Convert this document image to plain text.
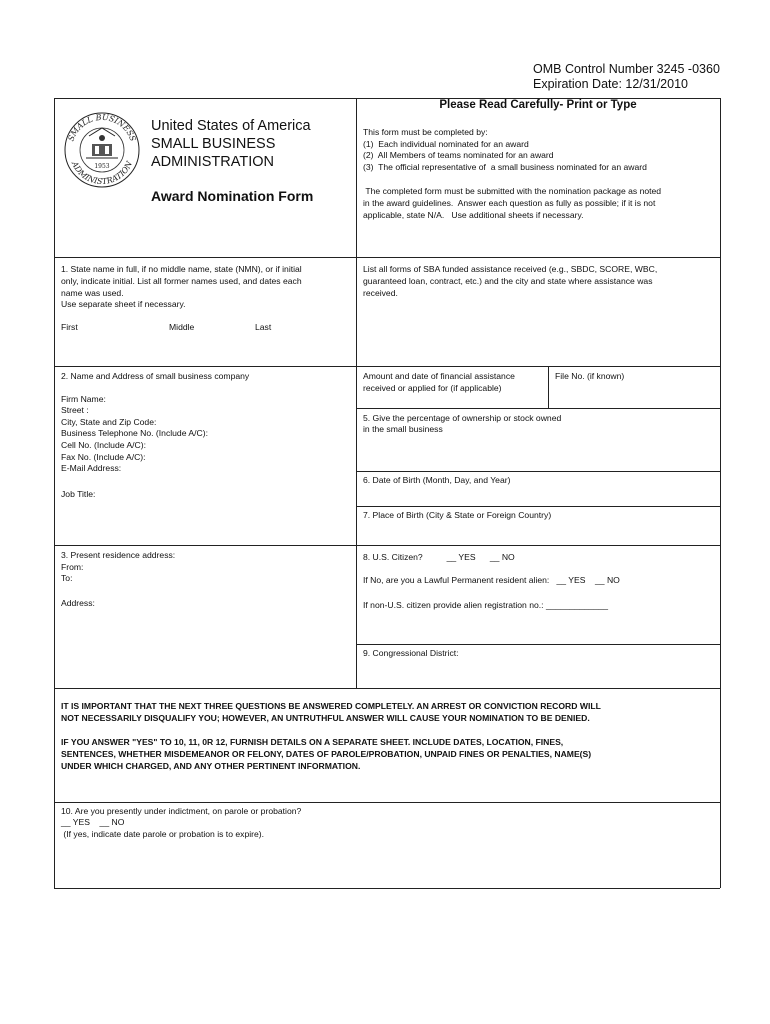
OMB Control Number 3245 -0360
Expiration Date: 12/31/2010
SMALL BUSINESS
ADMINISTRATION
1953
United States of America
SMALL BUSINESS
ADMINISTRATION
Award Nomination Form
Please Read Carefully- Print or Type
This form must be completed by:
(1)  Each individual nominated for an award
(2)  All Members of teams nominated for an award
(3)  The official representative of  a small business nominated for an award
The completed form must be submitted with the nomination package as noted
in the award guidelines.  Answer each question as fully as possible; if it is not
applicable, state N/A.   Use additional sheets if necessary.
1. State name in full, if no middle name, state (NMN), or if initial
only, indicate initial. List all former names used, and dates each
name was used.
Use separate sheet if necessary.
First	Middle	Last
List all forms of SBA funded assistance received (e.g., SBDC, SCORE, WBC,
guaranteed loan, contract, etc.) and the city and state where assistance was
received.
2. Name and Address of small business company
Firm Name:
Street :
City, State and Zip Code:
Business Telephone No. (Include A/C):
Cell No. (Include A/C):
Fax No. (Include A/C):
E-Mail Address:
Job Title:
Amount and date of financial assistance
received or applied for (if applicable)
File No. (if known)
5. Give the percentage of ownership or stock owned
in the small business
6. Date of Birth (Month, Day, and Year)
7. Place of Birth (City & State or Foreign Country)
3. Present residence address:
From:
To:
Address:
8. U.S. Citizen?          __ YES      __ NO
If No, are you a Lawful Permanent resident alien:   __ YES    __ NO
If non-U.S. citizen provide alien registration no.: _____________
9. Congressional District:
IT IS IMPORTANT THAT THE NEXT THREE QUESTIONS BE ANSWERED COMPLETELY. AN ARREST OR CONVICTION RECORD WILL
NOT NECESSARILY DISQUALIFY YOU; HOWEVER, AN UNTRUTHFUL ANSWER WILL CAUSE YOUR NOMINATION TO BE DENIED.
IF YOU ANSWER "YES" TO 10, 11, 0R 12, FURNISH DETAILS ON A SEPARATE SHEET. INCLUDE DATES, LOCATION, FINES,
SENTENCES, WHETHER MISDEMEANOR OR FELONY, DATES OF PAROLE/PROBATION, UNPAID FINES OR PENALTIES, NAME(S)
UNDER WHICH CHARGED, AND ANY OTHER PERTINENT INFORMATION.
10. Are you presently under indictment, on parole or probation?
__ YES    __ NO
(If yes, indicate date parole or probation is to expire).
